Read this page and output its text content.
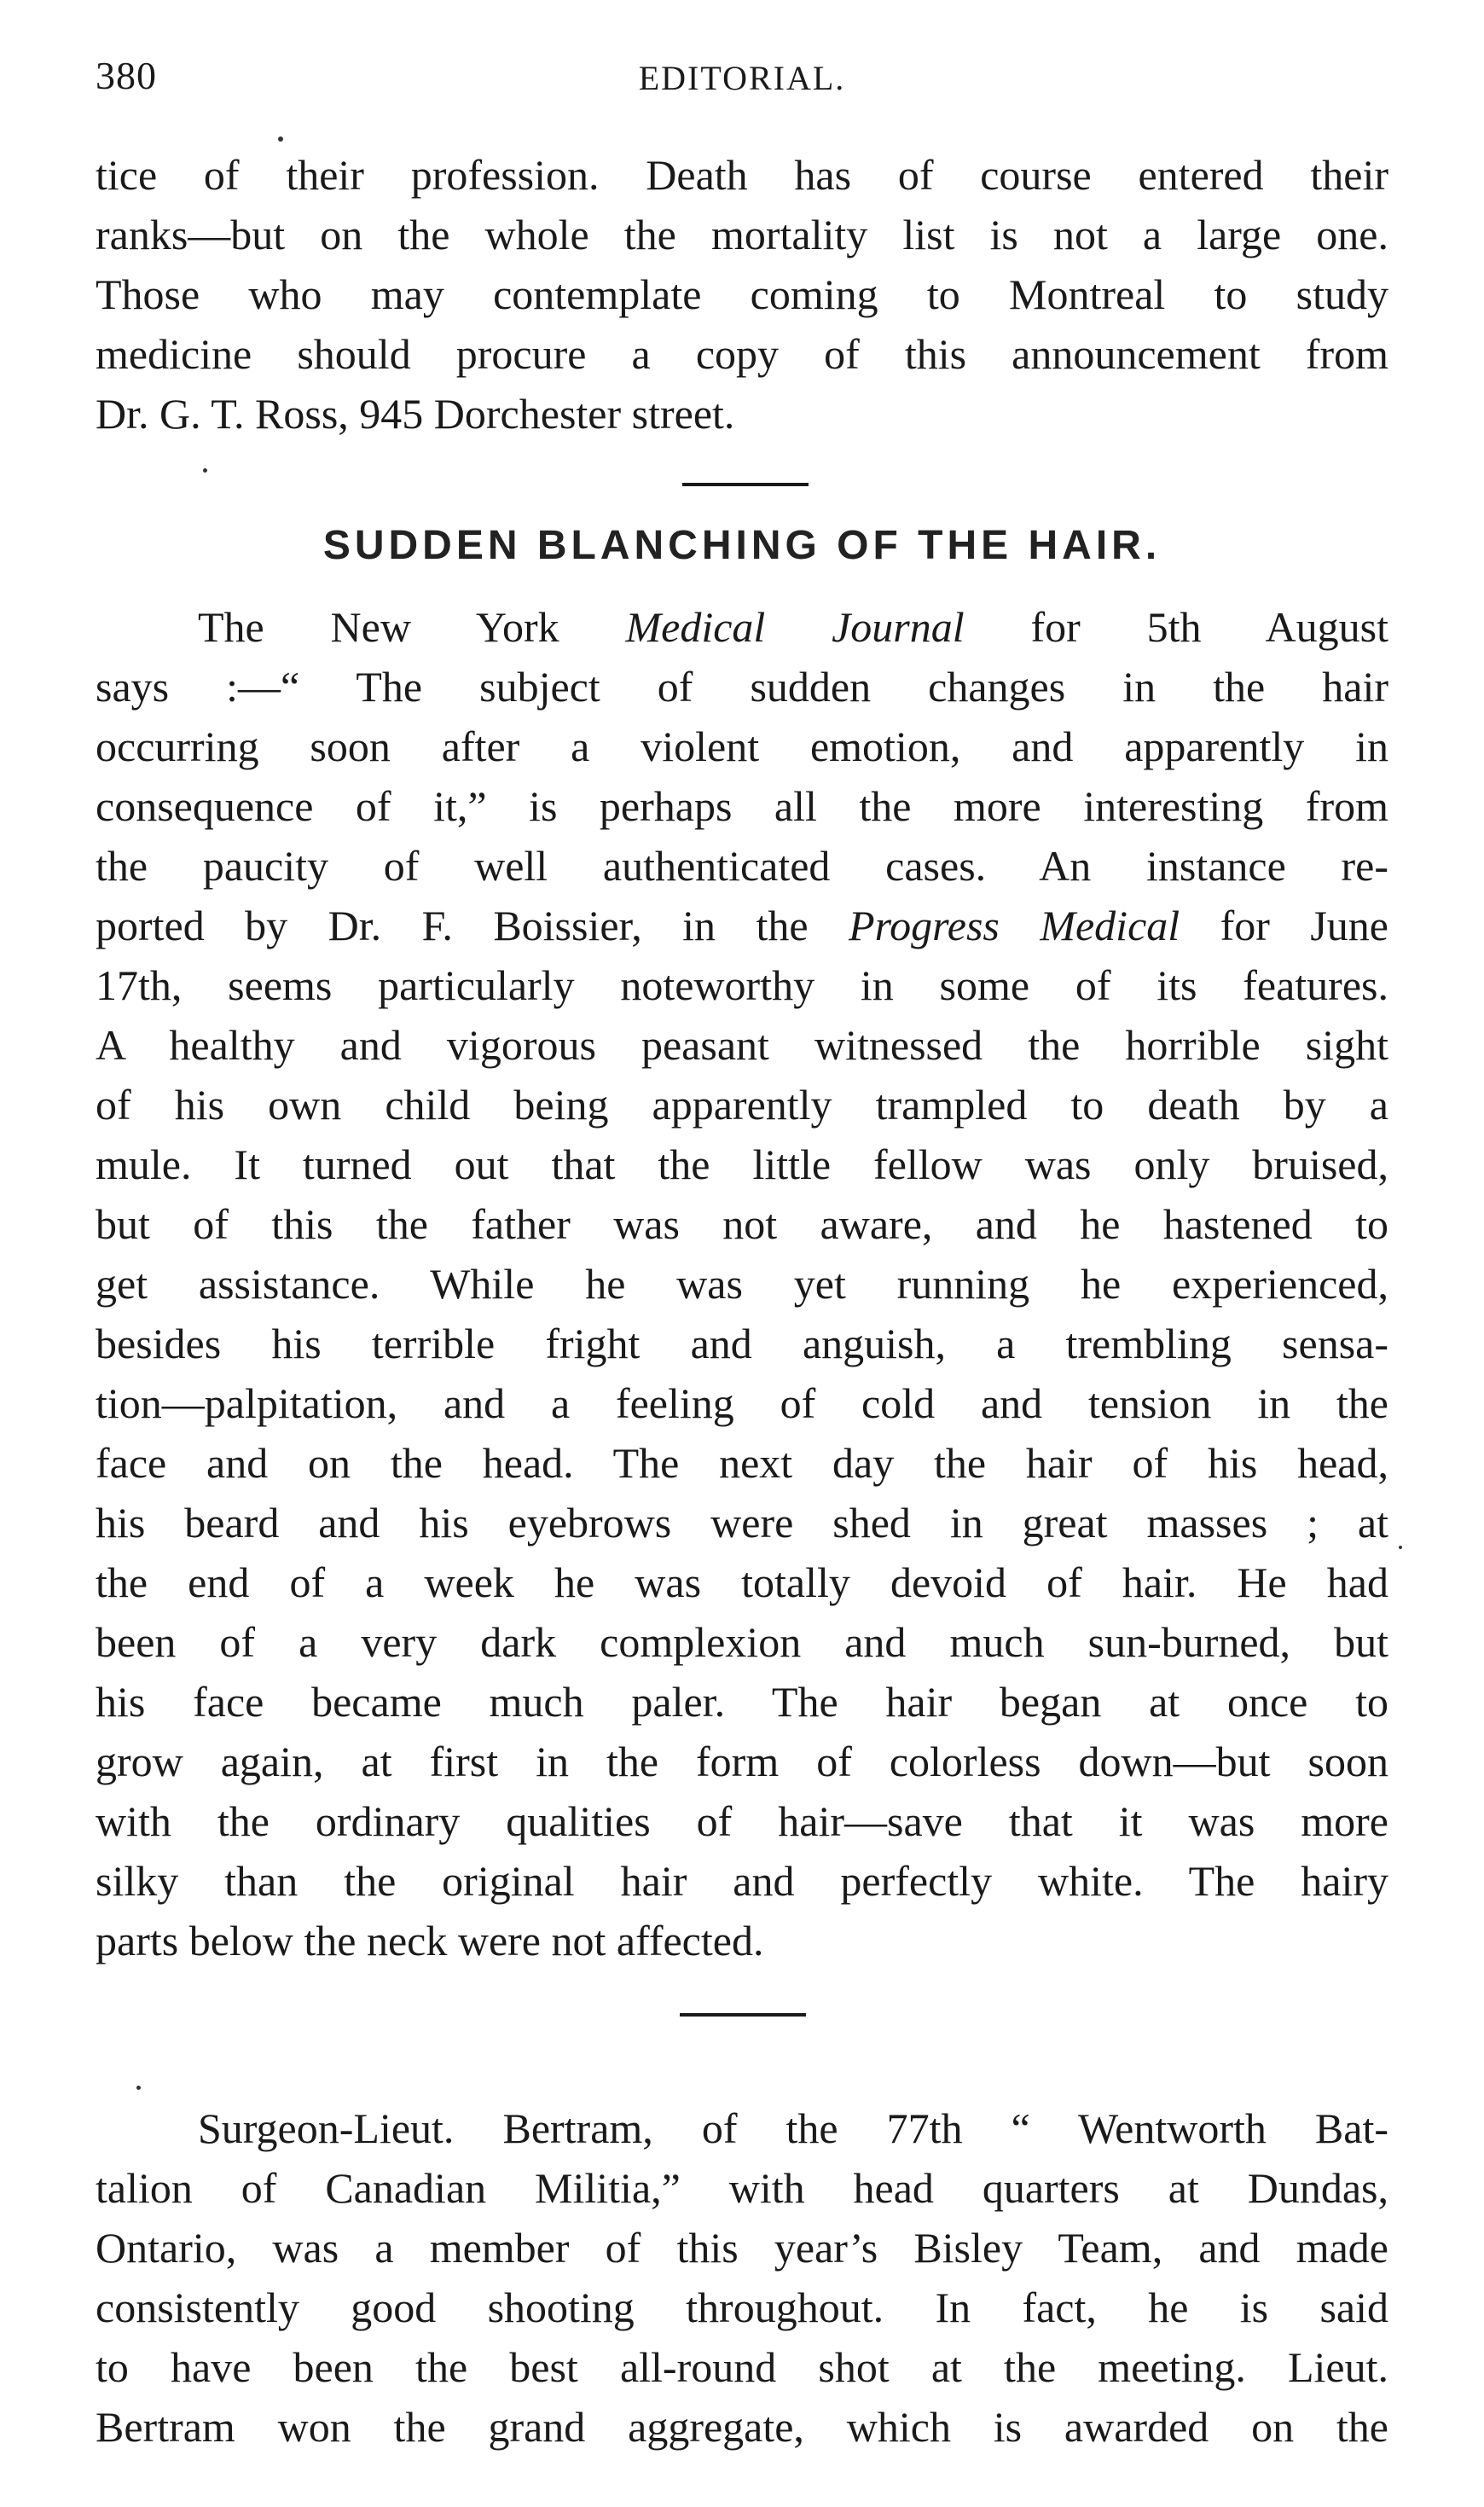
380	EDITORIAL.
tice of their profession. Death has of course entered their
ranks—but on the whole the mortality list is not a large one.
Those who may contemplate coming to Montreal to study
medicine should procure a copy of this announcement from
Dr. G. T. Ross, 945 Dorchester street.
SUDDEN BLANCHING OF THE HAIR.
The New York Medical Journal for 5th August
says :—“ The subject of sudden changes in the hair
occurring soon after a violent emotion, and apparently in
consequence of it,” is perhaps all the more interesting from
the paucity of well authenticated cases. An instance re-
ported by Dr. F. Boissier, in the Progress Medical for June
17th, seems particularly noteworthy in some of its features.
A healthy and vigorous peasant witnessed the horrible sight
of his own child being apparently trampled to death by a
mule. It turned out that the little fellow was only bruised,
but of this the father was not aware, and he hastened to
get assistance. While he was yet running he experienced,
besides his terrible fright and anguish, a trembling sensa-
tion—palpitation, and a feeling of cold and tension in the
face and on the head. The next day the hair of his head,
his beard and his eyebrows were shed in great masses ; at
the end of a week he was totally devoid of hair. He had
been of a very dark complexion and much sun-burned, but
his face became much paler. The hair began at once to
grow again, at first in the form of colorless down—but soon
with the ordinary qualities of hair—save that it was more
silky than the original hair and perfectly white. The hairy
parts below the neck were not affected.
Surgeon-Lieut. Bertram, of the 77th “ Wentworth Bat-
talion of Canadian Militia,” with head quarters at Dundas,
Ontario, was a member of this year’s Bisley Team, and made
consistently good shooting throughout. In fact, he is said
to have been the best all-round shot at the meeting. Lieut.
Bertram won the grand aggregate, which is awarded on the
